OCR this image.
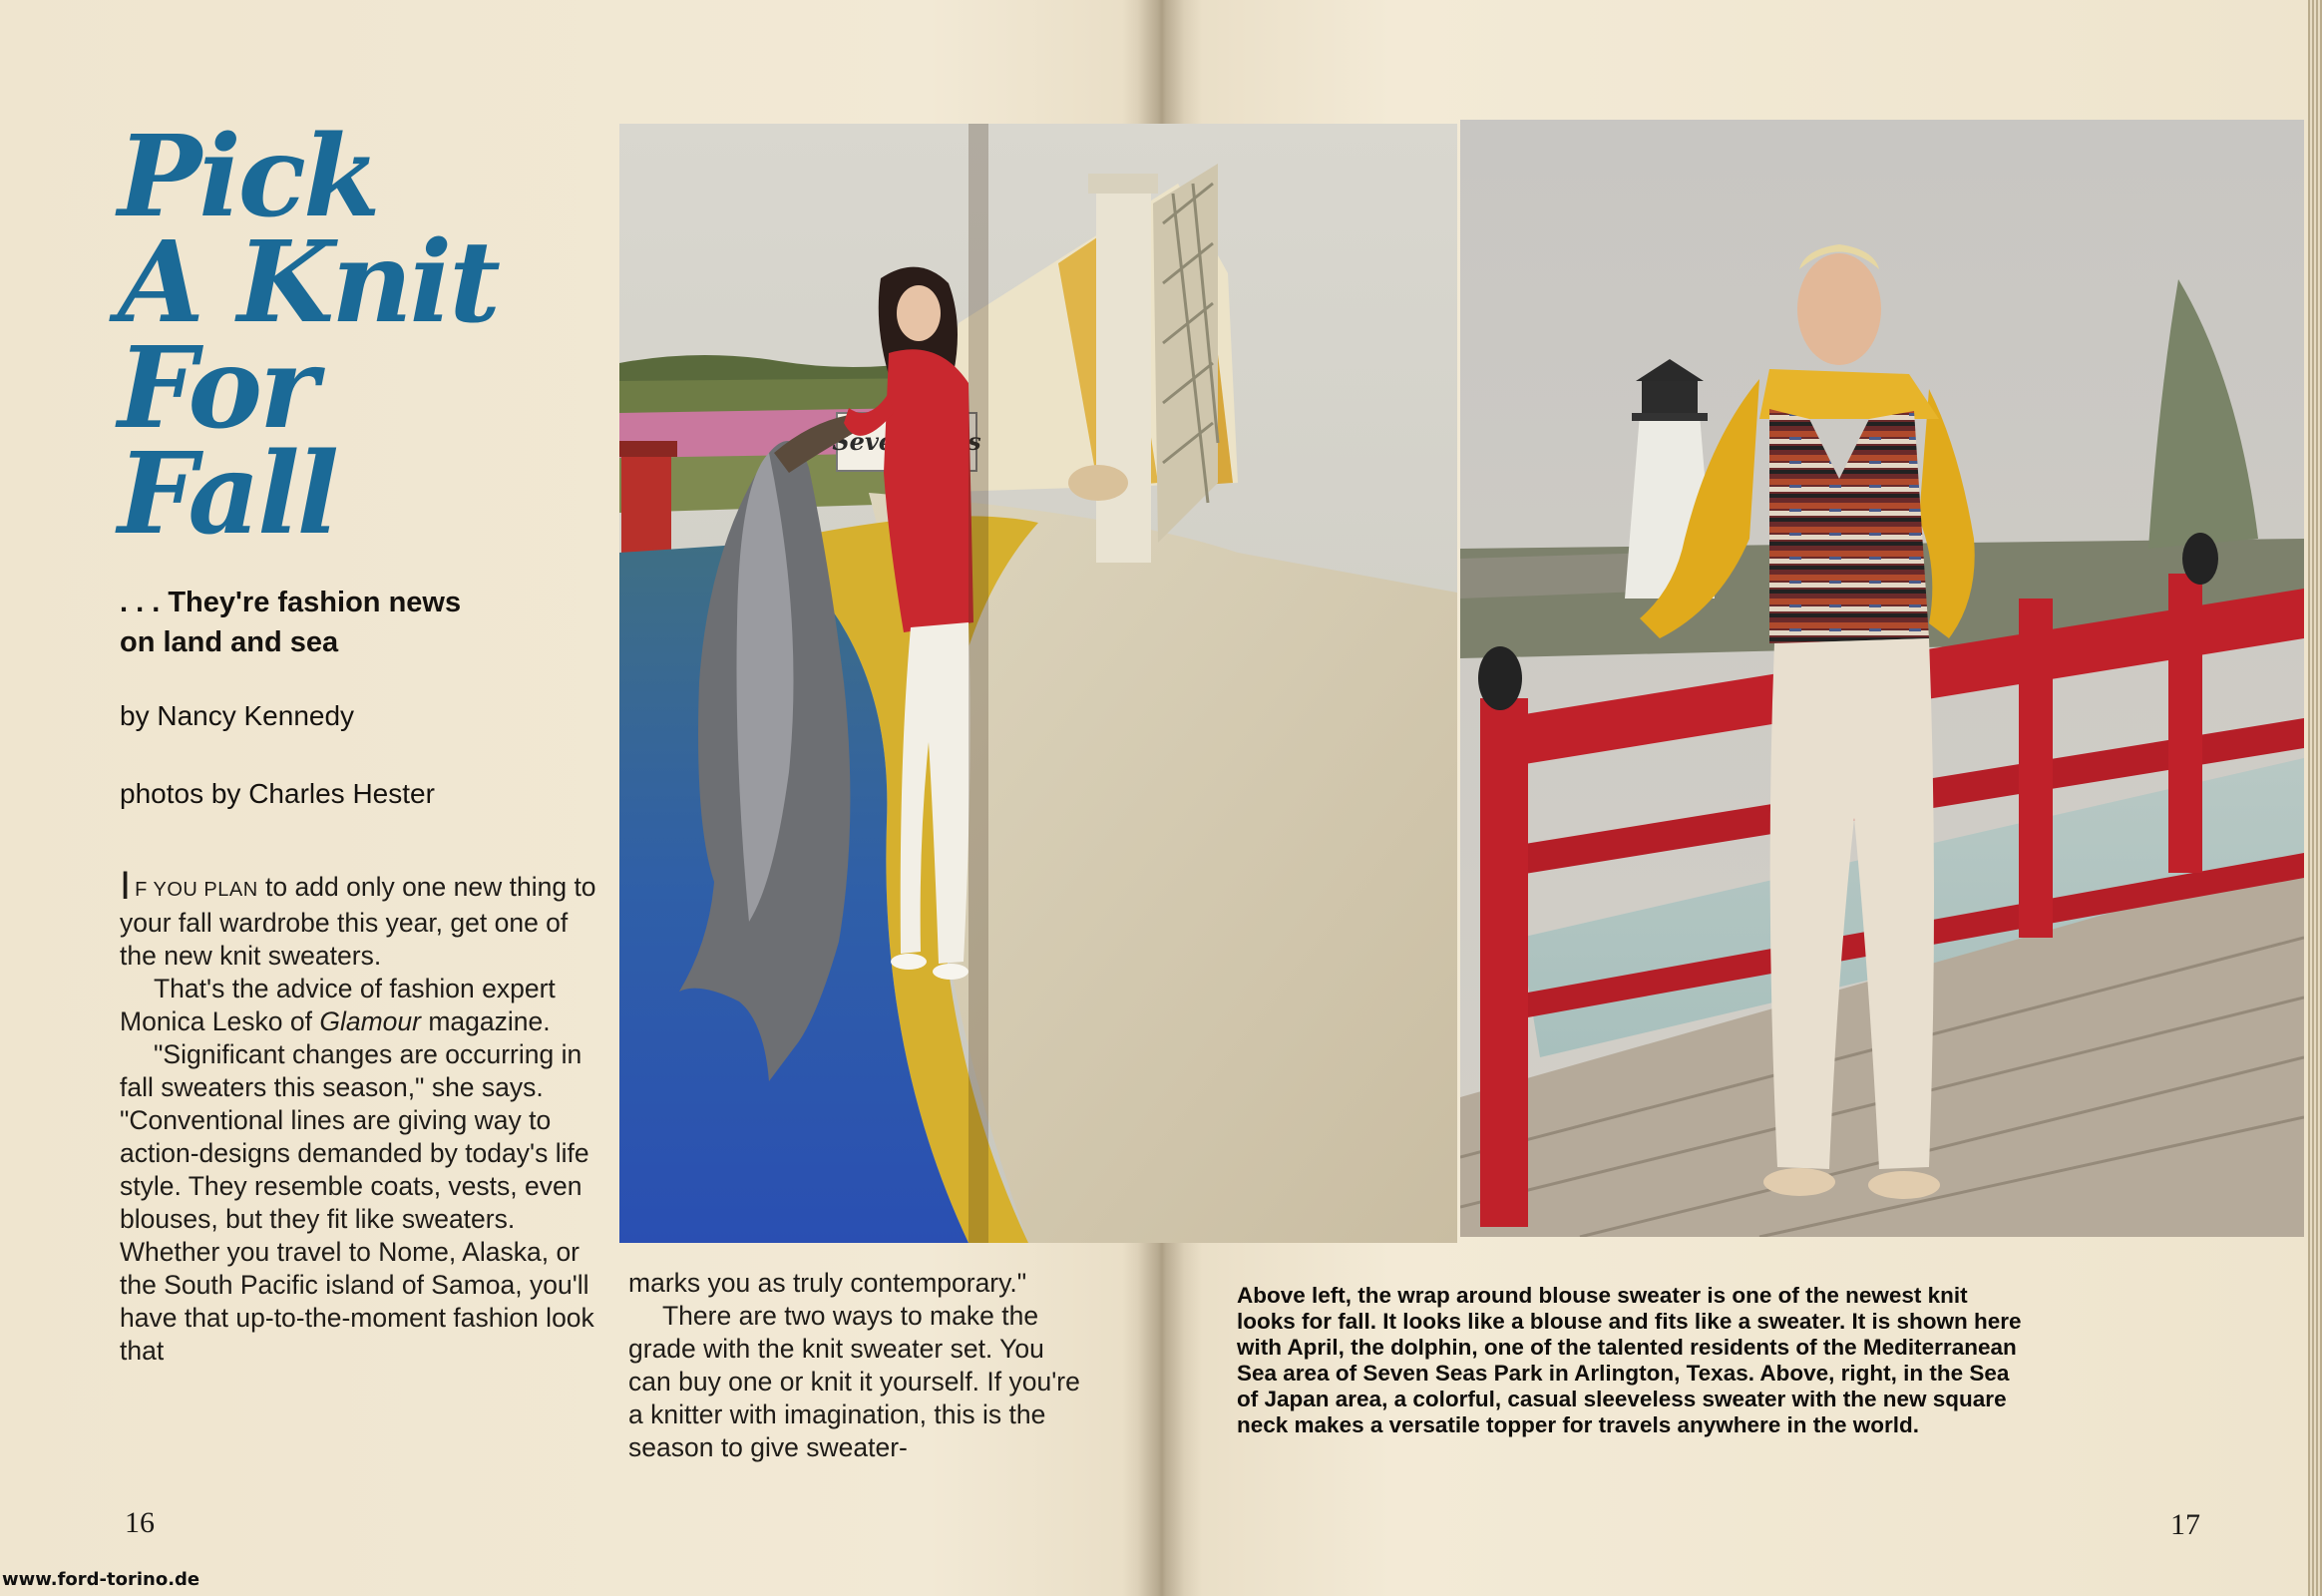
Pick
A Knit
For
Fall
. . . They're fashion news
on land and sea
by Nancy Kennedy
photos by Charles Hester

I F YOU PLAN to add only one new thing to your fall wardrobe this year, get one of the new knit sweaters.

That's the advice of fashion expert Monica Lesko of Glamour magazine.

"Significant changes are occurring in fall sweaters this season," she says. "Conventional lines are giving way to action-designs demanded by today's life style. They resemble coats, vests, even blouses, but they fit like sweaters. Whether you travel to Nome, Alaska, or the South Pacific island of Samoa, you'll have that up-to-the-moment fashion look that

marks you as truly contemporary."

There are two ways to make the grade with the knit sweater set. You can buy one or knit it yourself. If you're a knitter with imagination, this is the season to give sweater-

Seven
Above left, the wrap around blouse sweater is one of the newest knit looks for fall. It looks like a blouse and fits like a sweater. It is shown here with April, the dolphin, one of the talented residents of the Mediterranean Sea area of Seven Seas Park in Arlington, Texas. Above, right, in the Sea of Japan area, a colorful, casual sleeveless sweater with the new square neck makes a versatile topper for travels anywhere in the world.
16	17
www.ford-torino.de
